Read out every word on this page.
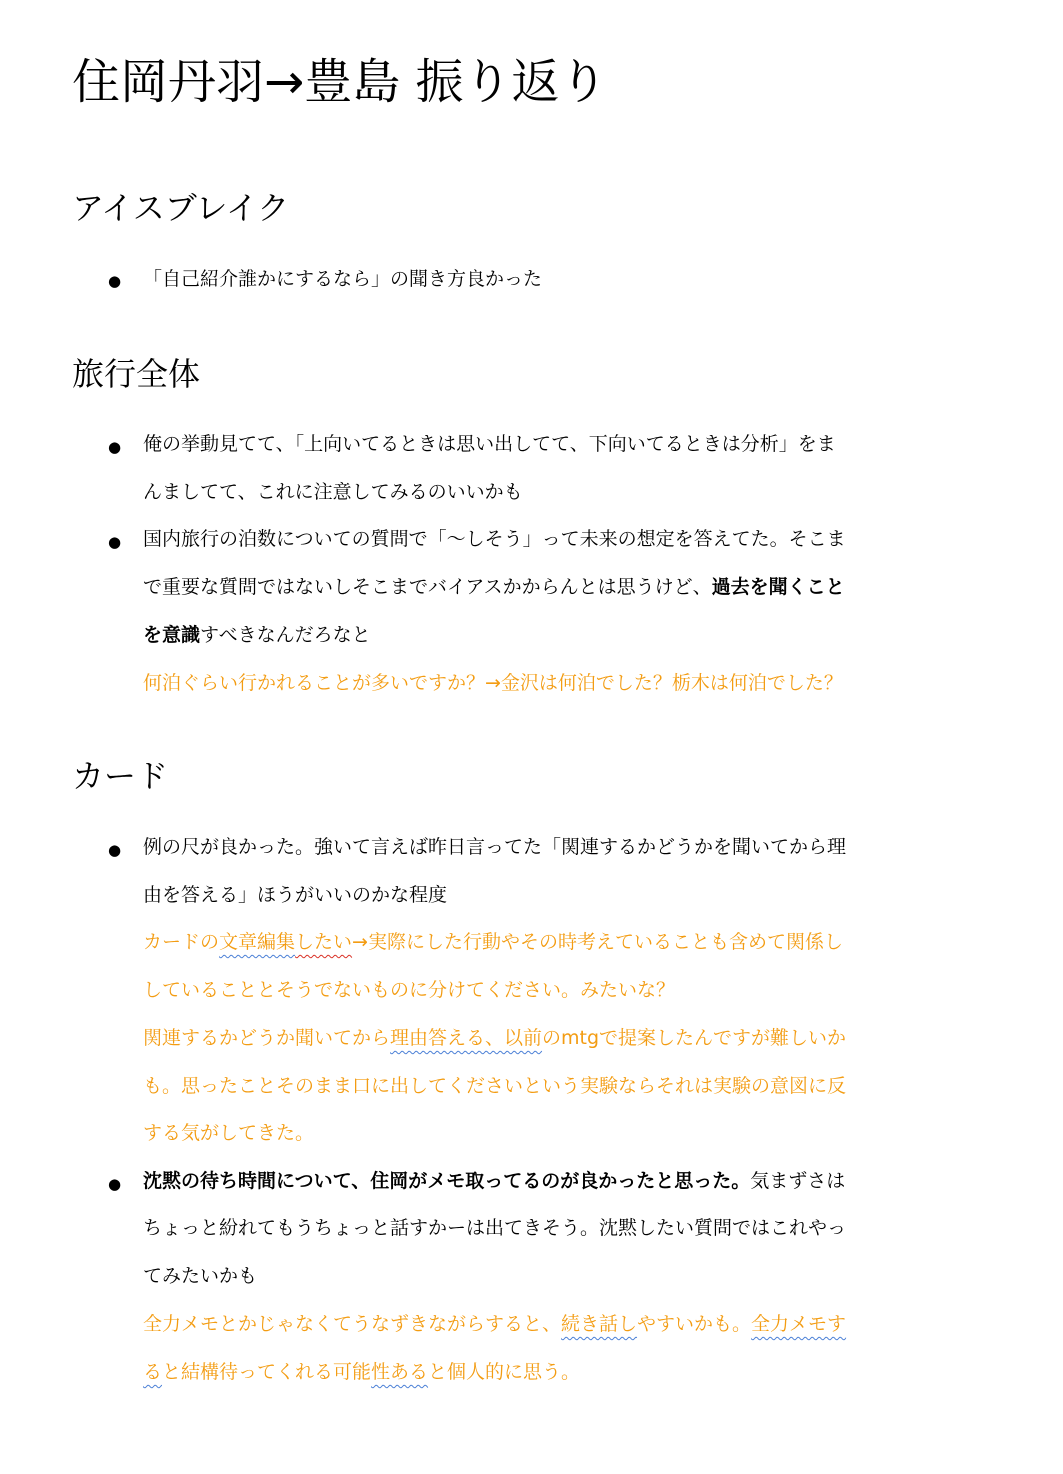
住岡丹羽→豊島 振り返り
アイスブレイク
● 「自己紹介誰かにするなら」の聞き方良かった
旅行全体
● 俺の挙動見てて、「上向いてるときは思い出してて、下向いてるときは分析」をま
んましてて、これに注意してみるのいいかも
● 国内旅行の泊数についての質問で「〜しそう」って未来の想定を答えてた。そこま
で重要な質問ではないしそこまでバイアスかからんとは思うけど、過去を聞くこと
を意識すべきなんだろなと
何泊ぐらい行かれることが多いですか？→金沢は何泊でした？栃木は何泊でした？
カード
● 例の尺が良かった。強いて言えば昨日言ってた「関連するかどうかを聞いてから理
由を答える」ほうがいいのかな程度
カードの文章編集したい→実際にした行動やその時考えていることも含めて関係し
していることとそうでないものに分けてください。みたいな？
関連するかどうか聞いてから理由答える、以前のmtgで提案したんですが難しいか
も。思ったことそのまま口に出してくださいという実験ならそれは実験の意図に反
する気がしてきた。
● 沈黙の待ち時間について、住岡がメモ取ってるのが良かったと思った。気まずさは
ちょっと紛れてもうちょっと話すかーは出てきそう。沈黙したい質問ではこれやっ
てみたいかも
全力メモとかじゃなくてうなずきながらすると、続き話しやすいかも。全力メモす
ると結構待ってくれる可能性あると個人的に思う。
